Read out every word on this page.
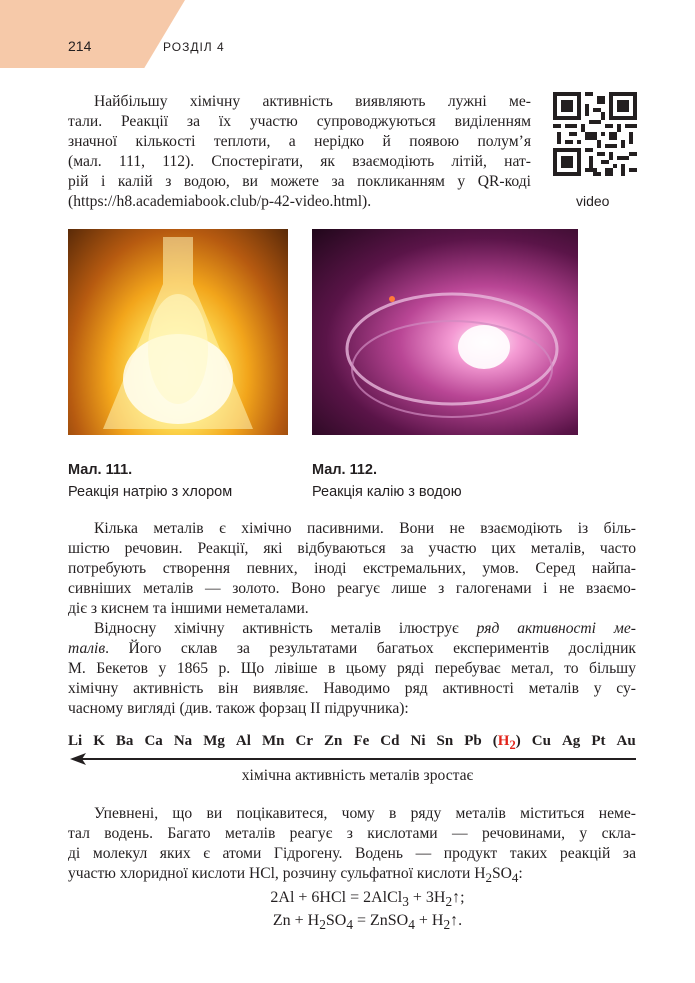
214	РОЗДІЛ 4
Найбільшу хімічну активність виявляють лужні ме-
тали. Реакції за їх участю супроводжуються виділенням
значної кількості теплоти, а нерідко й появою полум’я
(мал. 111, 112). Спостерігати, як взаємодіють літій, нат-
рій і калій з водою, ви можете за покликанням у QR-коді
(https://h8.academiabook.club/p-42-video.html).	video
Мал. 111.
Реакція натрію з хлором
Мал. 112.
Реакція калію з водою
Кілька металів є хімічно пасивними. Вони не взаємодіють із біль-
шістю речовин. Реакції, які відбуваються за участю цих металів, часто
потребують створення певних, іноді екстремальних, умов. Серед найпа-
сивніших металів — золото. Воно реагує лише з галогенами і не взаємо-
діє з киснем та іншими неметалами.
Відносну хімічну активність металів ілюструє ряд активності ме-
талів. Його склав за результатами багатьох експериментів дослідник
М. Бекетов у 1865 р. Що лівіше в цьому ряді перебуває метал, то більшу
хімічну активність він виявляє. Наводимо ряд активності металів у су-
часному вигляді (див. також форзац II підручника):
Li K Ba Ca Na Mg Al Mn Cr Zn Fe Cd Ni Sn Pb $(H_2)$ Cu Ag Pt Au
хімічна активність металів зростає
Упевнені, що ви поцікавитеся, чому в ряду металів міститься неме-
тал водень. Багато металів реагує з кислотами — речовинами, у скла-
ді молекул яких є атоми Гідрогену. Водень — продукт таких реакцій за
участю хлоридної кислоти HCl, розчину сульфатної кислоти $H_2SO_4$:
2Al + 6HCl = 2AlCl$_3$ + $3H_2↑$;
$Zn + H_2SO_4$ = ZnSO$_4$ + $H_2↑$.
